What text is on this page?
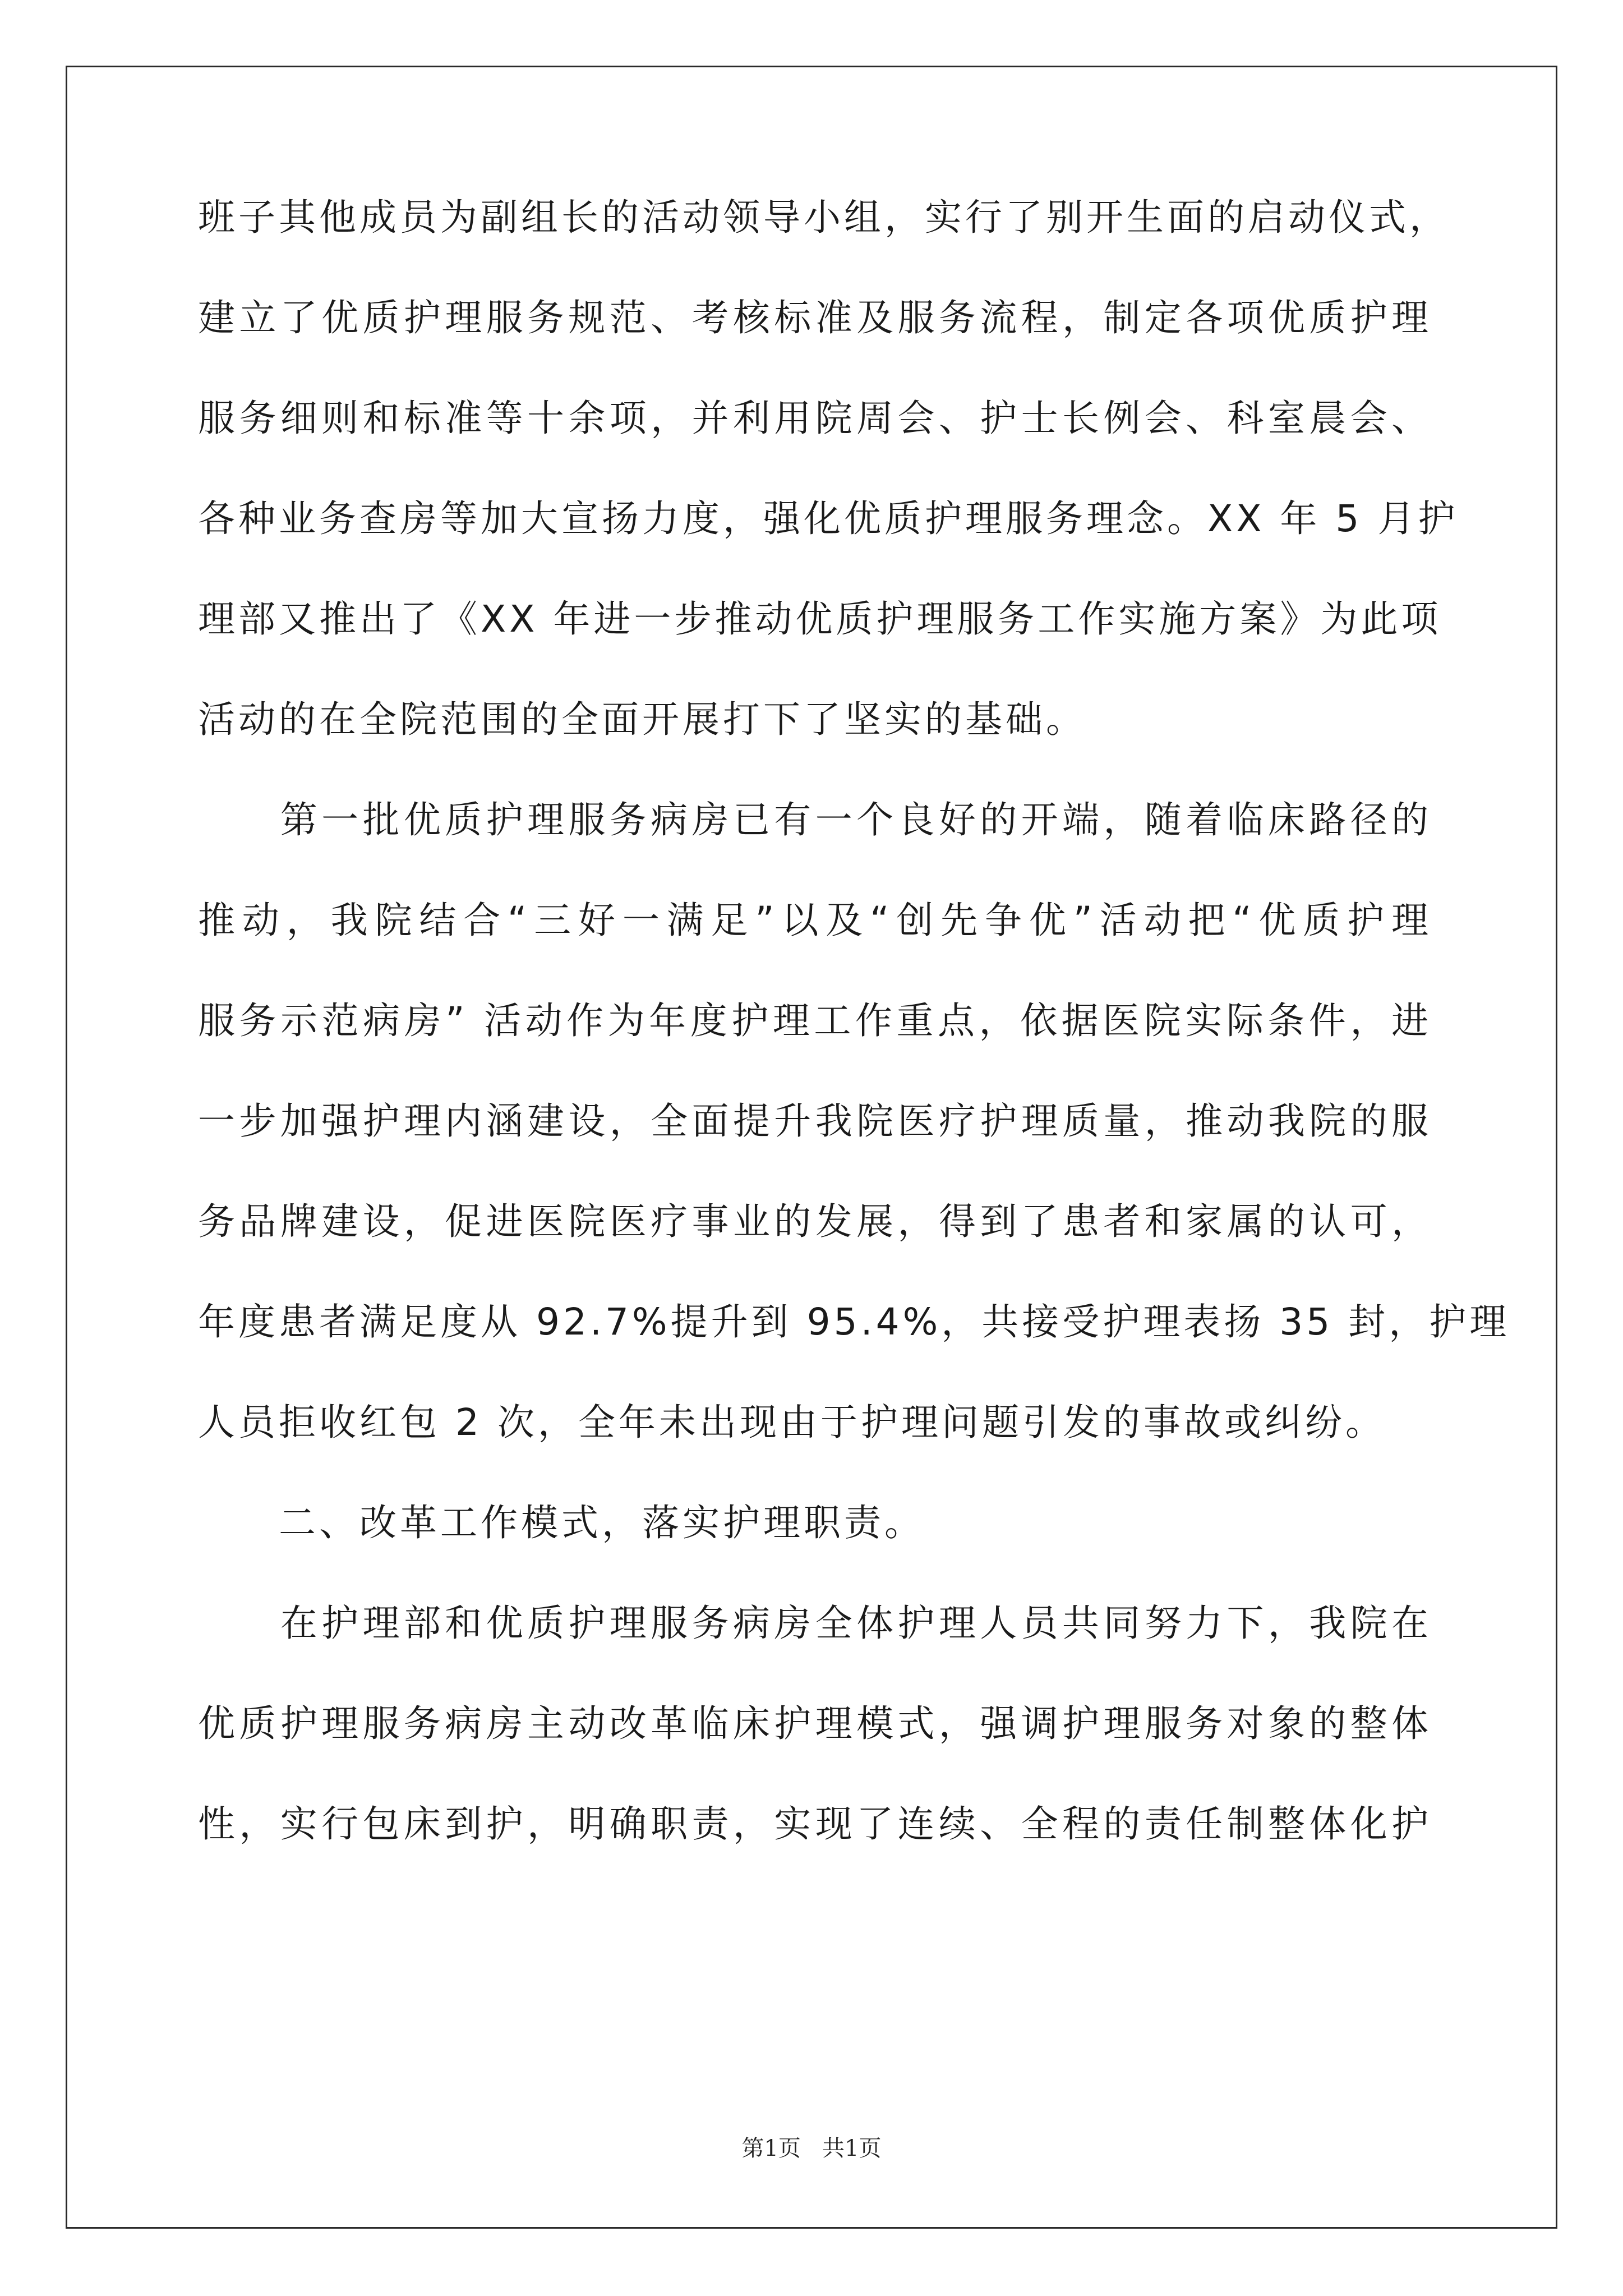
班子其他成员为副组长的活动领导小组，实行了别开生面的启动仪式，
建立了优质护理服务规范、考核标准及服务流程，制定各项优质护理
服务细则和标准等十余项，并利用院周会、护士长例会、科室晨会、
各种业务查房等加大宣扬力度，强化优质护理服务理念。XX 年 5 月护
理部又推出了《XX 年进一步推动优质护理服务工作实施方案》为此项
活动的在全院范围的全面开展打下了坚实的基础。
　　第一批优质护理服务病房已有一个良好的开端，随着临床路径的
推动，我院结合“三好一满足”以及“创先争优”活动把“优质护理
服务示范病房” 活动作为年度护理工作重点，依据医院实际条件，进
一步加强护理内涵建设，全面提升我院医疗护理质量，推动我院的服
务品牌建设，促进医院医疗事业的发展，得到了患者和家属的认可，
年度患者满足度从 92.7%提升到 95.4%，共接受护理表扬 35 封，护理
人员拒收红包 2 次，全年未出现由于护理问题引发的事故或纠纷。
　　二、改革工作模式，落实护理职责。
　　在护理部和优质护理服务病房全体护理人员共同努力下，我院在
优质护理服务病房主动改革临床护理模式，强调护理服务对象的整体
性，实行包床到护，明确职责，实现了连续、全程的责任制整体化护
第1页   共1页
